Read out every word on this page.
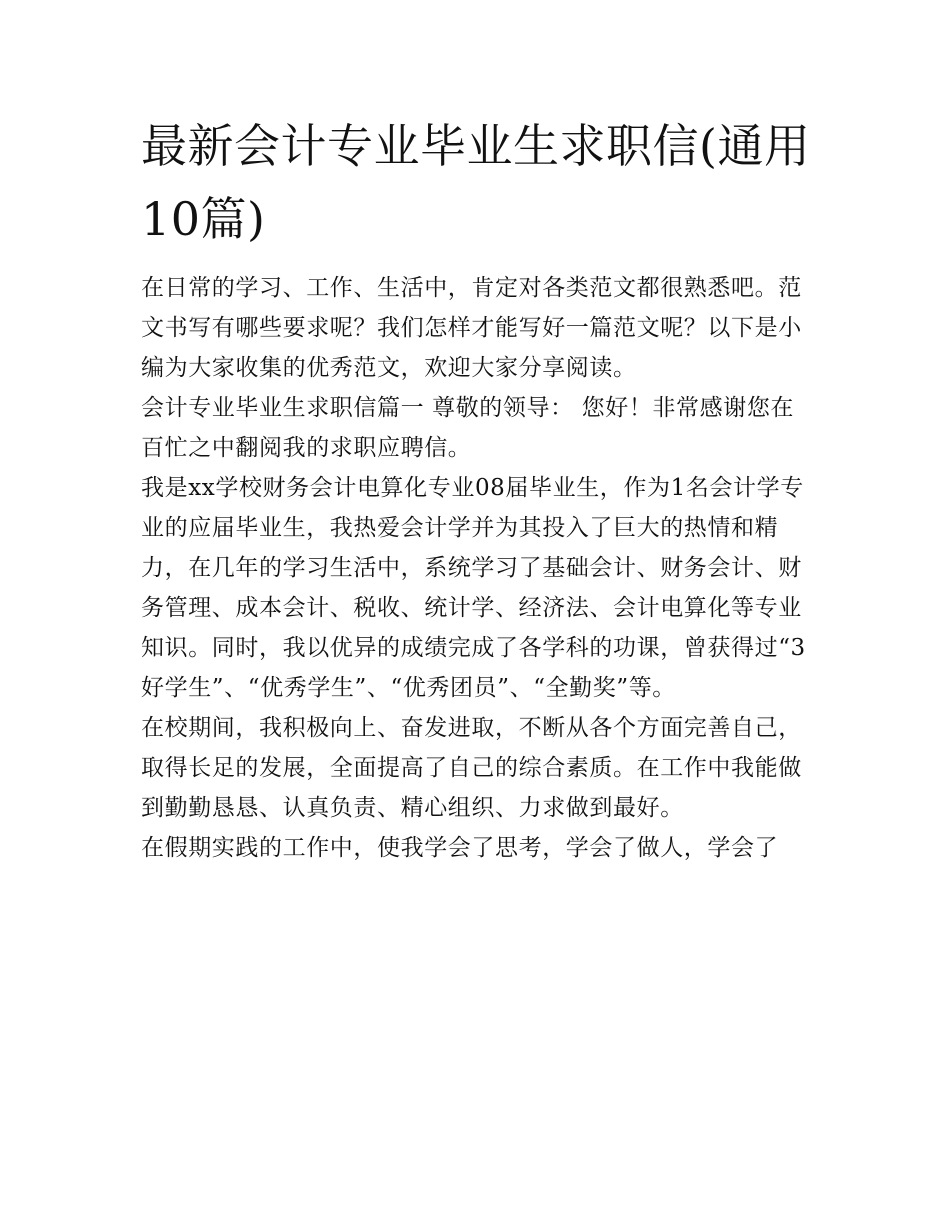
最新会计专业毕业生求职信(通用10篇)

在日常的学习、工作、生活中，肯定对各类范文都很熟悉吧。范文书写有哪些要求呢？我们怎样才能写好一篇范文呢？以下是小编为大家收集的优秀范文，欢迎大家分享阅读。

会计专业毕业生求职信篇一 尊敬的领导： 您好！非常感谢您在百忙之中翻阅我的求职应聘信。

我是xx学校财务会计电算化专业08届毕业生，作为1名会计学专业的应届毕业生，我热爱会计学并为其投入了巨大的热情和精力，在几年的学习生活中，系统学习了基础会计、财务会计、财务管理、成本会计、税收、统计学、经济法、会计电算化等专业知识。同时，我以优异的成绩完成了各学科的功课，曾获得过“3好学生”、“优秀学生”、“优秀团员”、“全勤奖”等。

在校期间，我积极向上、奋发进取，不断从各个方面完善自己，取得长足的发展，全面提高了自己的综合素质。在工作中我能做到勤勤恳恳、认真负责、精心组织、力求做到最好。

在假期实践的工作中，使我学会了思考，学会了做人，学会了
